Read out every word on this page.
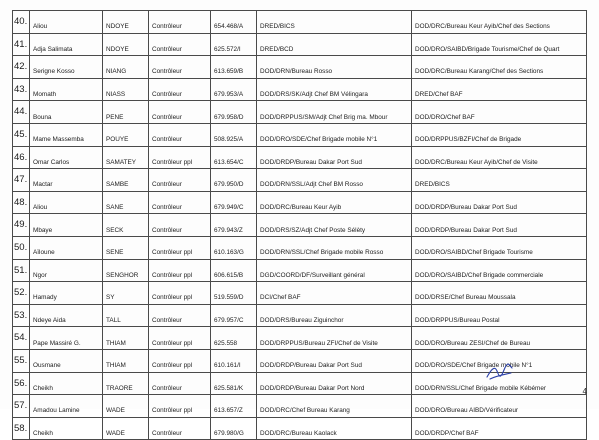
40.	Aliou	NDOYE	Contrôleur	654.468/A	DRED/BICS	DOD/DRC/Bureau Keur Ayib/Chef des Sections
41.	Adja Salimata	NDOYE	Contrôleur	625.572/I	DRED/BCD	DOD/DRO/SAIBD/Brigade Tourisme/Chef de Quart
42.	Serigne Kosso	NIANG	Contrôleur	613.659/B	DOD/DRN/Bureau Rosso	DOD/DRC/Bureau Karang/Chef des Sections
43.	Momath	NIASS	Contrôleur	679.953/A	DOD/DRS/SK/Adjt Chef BM Vélingara	DRED/Chef BAF
44.	Bouna	PENE	Contrôleur	679.958/D	DOD/DRPPUS/SM/Adjt Chef Brig ma. Mbour	DOD/DRO/Chef BAF
45.	Mame Massemba	POUYE	Contrôleur	508.925/A	DOD/DRO/SDE/Chef Brigade mobile N°1	DOD/DRPPUS/BZFI/Chef de Brigade
46.	Omar Carlos	SAMATEY	Contrôleur ppl	613.654/C	DOD/DRDP/Bureau Dakar Port Sud	DOD/DRC/Bureau Keur Ayib/Chef de Visite
47.	Mactar	SAMBE	Contrôleur	679.950/D	DOD/DRN/SSL/Adjt Chef BM Rosso	DRED/BICS
48.	Aliou	SANE	Contrôleur	679.949/C	DOD/DRC/Bureau Keur Ayib	DOD/DRDP/Bureau Dakar Port Sud
49.	Mbaye	SECK	Contrôleur	679.943/Z	DOD/DRS/SZ/Adjt Chef Poste Sélèty	DOD/DRDP/Bureau Dakar Port Sud
50.	Aïloune	SENE	Contrôleur ppl	610.163/G	DOD/DRN/SSL/Chef Brigade mobile Rosso	DOD/DRO/SAIBD/Chef Brigade Tourisme
51.	Ngor	SENGHOR	Contrôleur ppl	606.615/B	DGD/COORD/DF/Surveillant général	DOD/DRO/SAIBD/Chef Brigade commerciale
52.	Hamady	SY	Contrôleur ppl	519.559/D	DCI/Chef BAF	DOD/DRSE/Chef Bureau Moussala
53.	Ndeye Aida	TALL	Contrôleur	679.957/C	DOD/DRS/Bureau Ziguinchor	DOD/DRPPUS/Bureau Postal
54.	Pape Massiré G.	THIAM	Contrôleur ppl	625.558	DOD/DRPPUS/Bureau ZFI/Chef de Visite	DOD/DRO/Bureau ZESI/Chef de Bureau
55.	Ousmane	THIAM	Contrôleur ppl	610.161/I	DOD/DRDP/Bureau Dakar Port Sud	DOD/DRO/SDE/Chef Brigade mobile N°1
56.	Cheikh	TRAORE	Contrôleur	625.581/K	DOD/DRDP/Bureau Dakar Port Nord	DOD/DRN/SSL/Chef Brigade mobile Kébémer
57.	Amadou Lamine	WADE	Contrôleur ppl	613.657/Z	DOD/DRC/Chef Bureau Karang	DOD/DRO/Bureau AIBD/Vérificateur
58.	Cheikh	WADE	Contrôleur	679.980/G	DOD/DRC/Bureau Kaolack	DOD/DRDP/Chef BAF
4
